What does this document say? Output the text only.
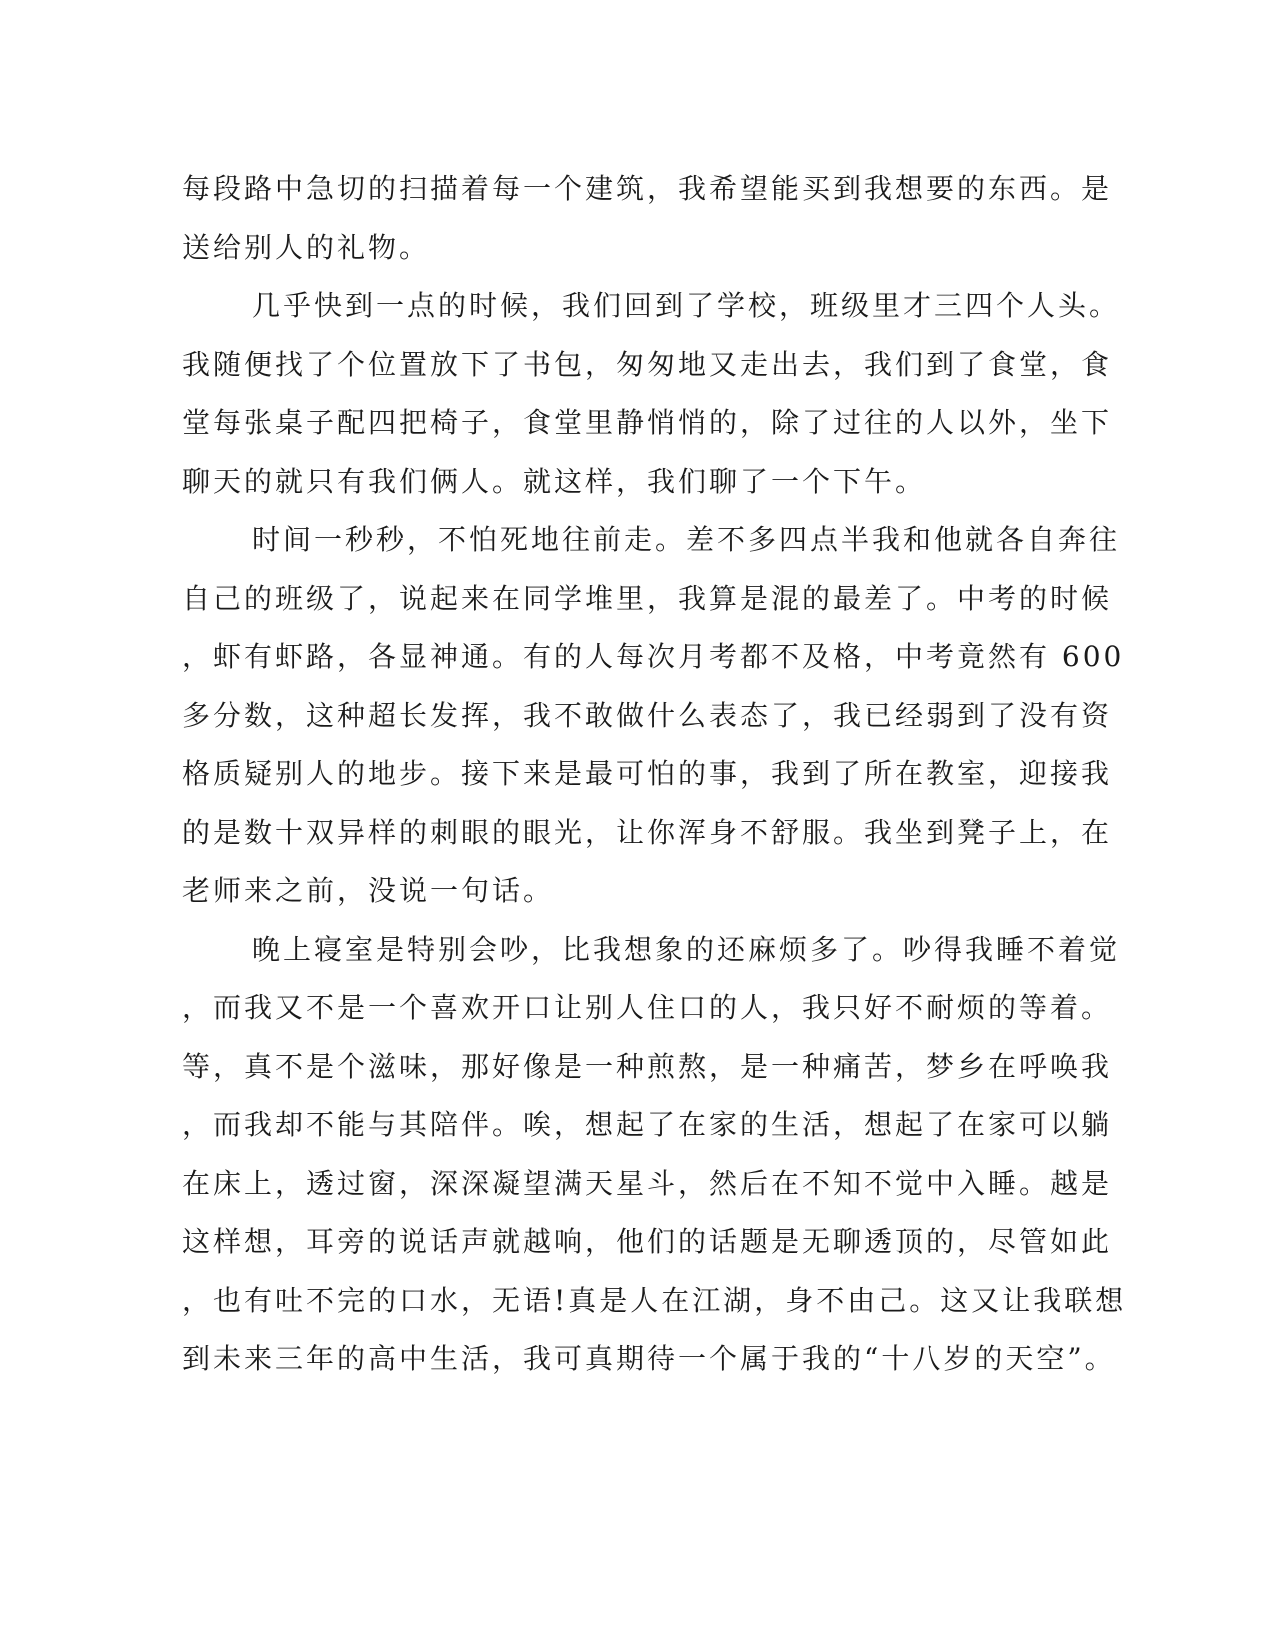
每段路中急切的扫描着每一个建筑，我希望能买到我想要的东西。是
送给别人的礼物。
几乎快到一点的时候，我们回到了学校，班级里才三四个人头。
我随便找了个位置放下了书包，匆匆地又走出去，我们到了食堂，食
堂每张桌子配四把椅子，食堂里静悄悄的，除了过往的人以外，坐下
聊天的就只有我们俩人。就这样，我们聊了一个下午。
时间一秒秒，不怕死地往前走。差不多四点半我和他就各自奔往
自己的班级了，说起来在同学堆里，我算是混的最差了。中考的时候
，虾有虾路，各显神通。有的人每次月考都不及格，中考竟然有 600
多分数，这种超长发挥，我不敢做什么表态了，我已经弱到了没有资
格质疑别人的地步。接下来是最可怕的事，我到了所在教室，迎接我
的是数十双异样的刺眼的眼光，让你浑身不舒服。我坐到凳子上，在
老师来之前，没说一句话。
晚上寝室是特别会吵，比我想象的还麻烦多了。吵得我睡不着觉
，而我又不是一个喜欢开口让别人住口的人，我只好不耐烦的等着。
等，真不是个滋味，那好像是一种煎熬，是一种痛苦，梦乡在呼唤我
，而我却不能与其陪伴。唉，想起了在家的生活，想起了在家可以躺
在床上，透过窗，深深凝望满天星斗，然后在不知不觉中入睡。越是
这样想，耳旁的说话声就越响，他们的话题是无聊透顶的，尽管如此
，也有吐不完的口水，无语!真是人在江湖，身不由己。这又让我联想
到未来三年的高中生活，我可真期待一个属于我的“十八岁的天空”。
